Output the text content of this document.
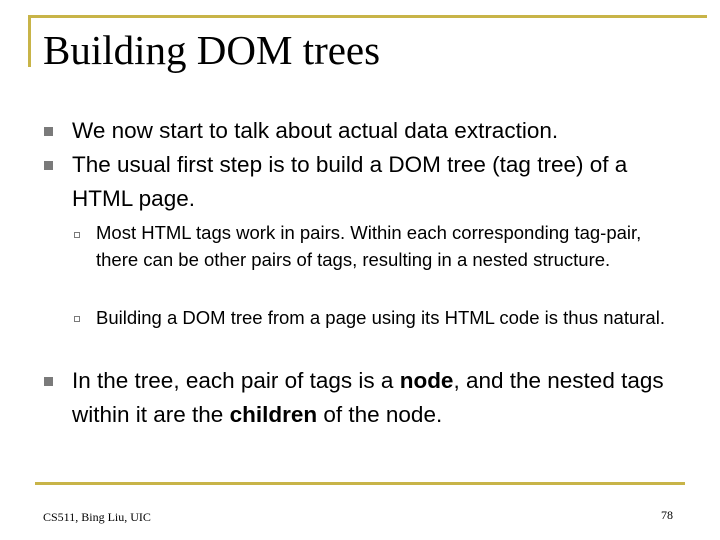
Building DOM trees

We now start to talk about actual data extraction.

The usual first step is to build a DOM tree (tag tree) of a HTML page.

Most HTML tags work in pairs. Within each corresponding tag-pair, there can be other pairs of tags, resulting in a nested structure.

Building a DOM tree from a page using its HTML code is thus natural.

In the tree, each pair of tags is a node, and the nested tags within it are the children of the node.

CS511, Bing Liu, UIC	78
